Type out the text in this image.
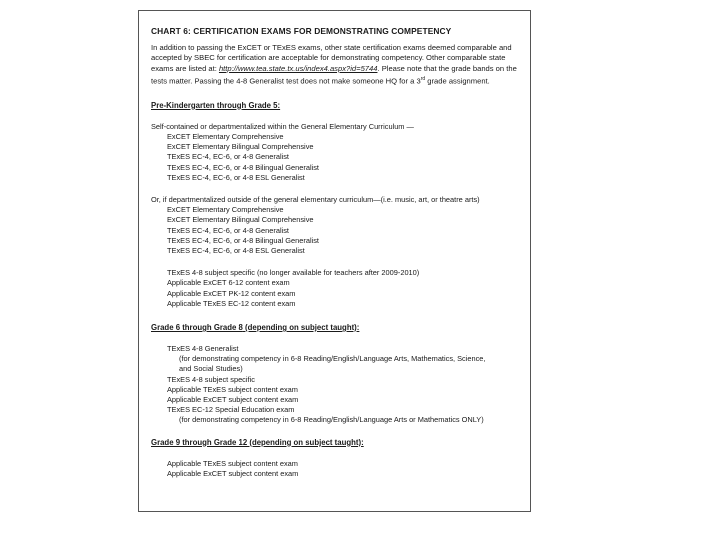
CHART 6: CERTIFICATION EXAMS FOR DEMONSTRATING COMPETENCY
In addition to passing the ExCET or TExES exams, other state certification exams deemed comparable and accepted by SBEC for certification are acceptable for demonstrating competency. Other comparable state exams are listed at: http://www.tea.state.tx.us/index4.aspx?id=5744. Please note that the grade bands on the tests matter. Passing the 4-8 Generalist test does not make someone HQ for a 3rd grade assignment.
Pre-Kindergarten through Grade 5:
Self-contained or departmentalized within the General Elementary Curriculum —
ExCET Elementary Comprehensive
ExCET Elementary Bilingual Comprehensive
TExES EC-4, EC-6, or 4-8 Generalist
TExES EC-4, EC-6, or 4-8 Bilingual Generalist
TExES EC-4, EC-6, or 4-8 ESL Generalist
Or, if departmentalized outside of the general elementary curriculum—(i.e. music, art, or theatre arts)
ExCET Elementary Comprehensive
ExCET Elementary Bilingual Comprehensive
TExES EC-4, EC-6, or 4-8 Generalist
TExES EC-4, EC-6, or 4-8 Bilingual Generalist
TExES EC-4, EC-6, or 4-8 ESL Generalist
TExES 4-8 subject specific (no longer available for teachers after 2009-2010)
Applicable ExCET 6-12 content exam
Applicable ExCET PK-12 content exam
Applicable TExES EC-12 content exam
Grade 6 through Grade 8 (depending on subject taught):
TExES 4-8 Generalist
(for demonstrating competency in 6-8 Reading/English/Language Arts, Mathematics, Science,
and Social Studies)
TExES 4-8 subject specific
Applicable TExES subject content exam
Applicable ExCET subject content exam
TExES EC-12 Special Education exam
(for demonstrating competency in 6-8 Reading/English/Language Arts or Mathematics ONLY)
Grade 9 through Grade 12 (depending on subject taught):
Applicable TExES subject content exam
Applicable ExCET subject content exam
